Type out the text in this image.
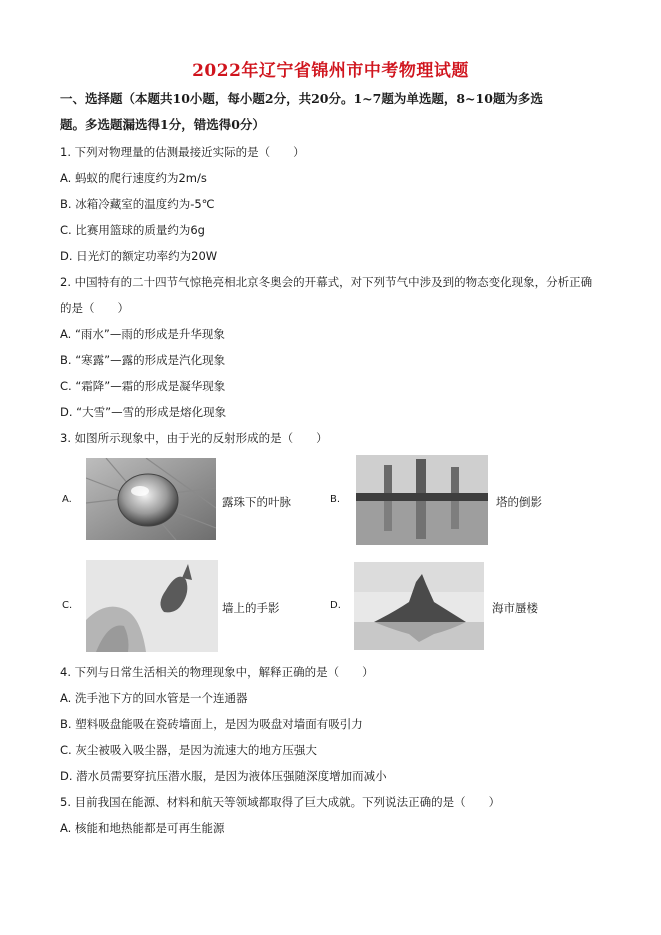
2022年辽宁省锦州市中考物理试题
一、选择题（本题共10小题，每小题2分，共20分。1~7题为单选题，8~10题为多选
题。多选题漏选得1分，错选得0分）
1. 下列对物理量的估测最接近实际的是（　　）
A. 蚂蚁的爬行速度约为2m/s
B. 冰箱冷藏室的温度约为-5℃
C. 比赛用篮球的质量约为6g
D. 日光灯的额定功率约为20W
2. 中国特有的二十四节气惊艳亮相北京冬奥会的开幕式，对下列节气中涉及到的物态变化现象，分析正确
的是（　　）
A. “雨水”—雨的形成是升华现象
B. “寒露”—露的形成是汽化现象
C. “霜降”—霜的形成是凝华现象
D. “大雪”—雪的形成是熔化现象
3. 如图所示现象中，由于光的反射形成的是（　　）
A.	露珠下的叶脉	B.	塔的倒影
C.	墙上的手影	D.	海市蜃楼
4. 下列与日常生活相关的物理现象中，解释正确的是（　　）
A. 洗手池下方的回水管是一个连通器
B. 塑料吸盘能吸在瓷砖墙面上，是因为吸盘对墙面有吸引力
C. 灰尘被吸入吸尘器，是因为流速大的地方压强大
D. 潜水员需要穿抗压潜水服，是因为液体压强随深度增加而减小
5. 目前我国在能源、材料和航天等领域都取得了巨大成就。下列说法正确的是（　　）
A. 核能和地热能都是可再生能源
